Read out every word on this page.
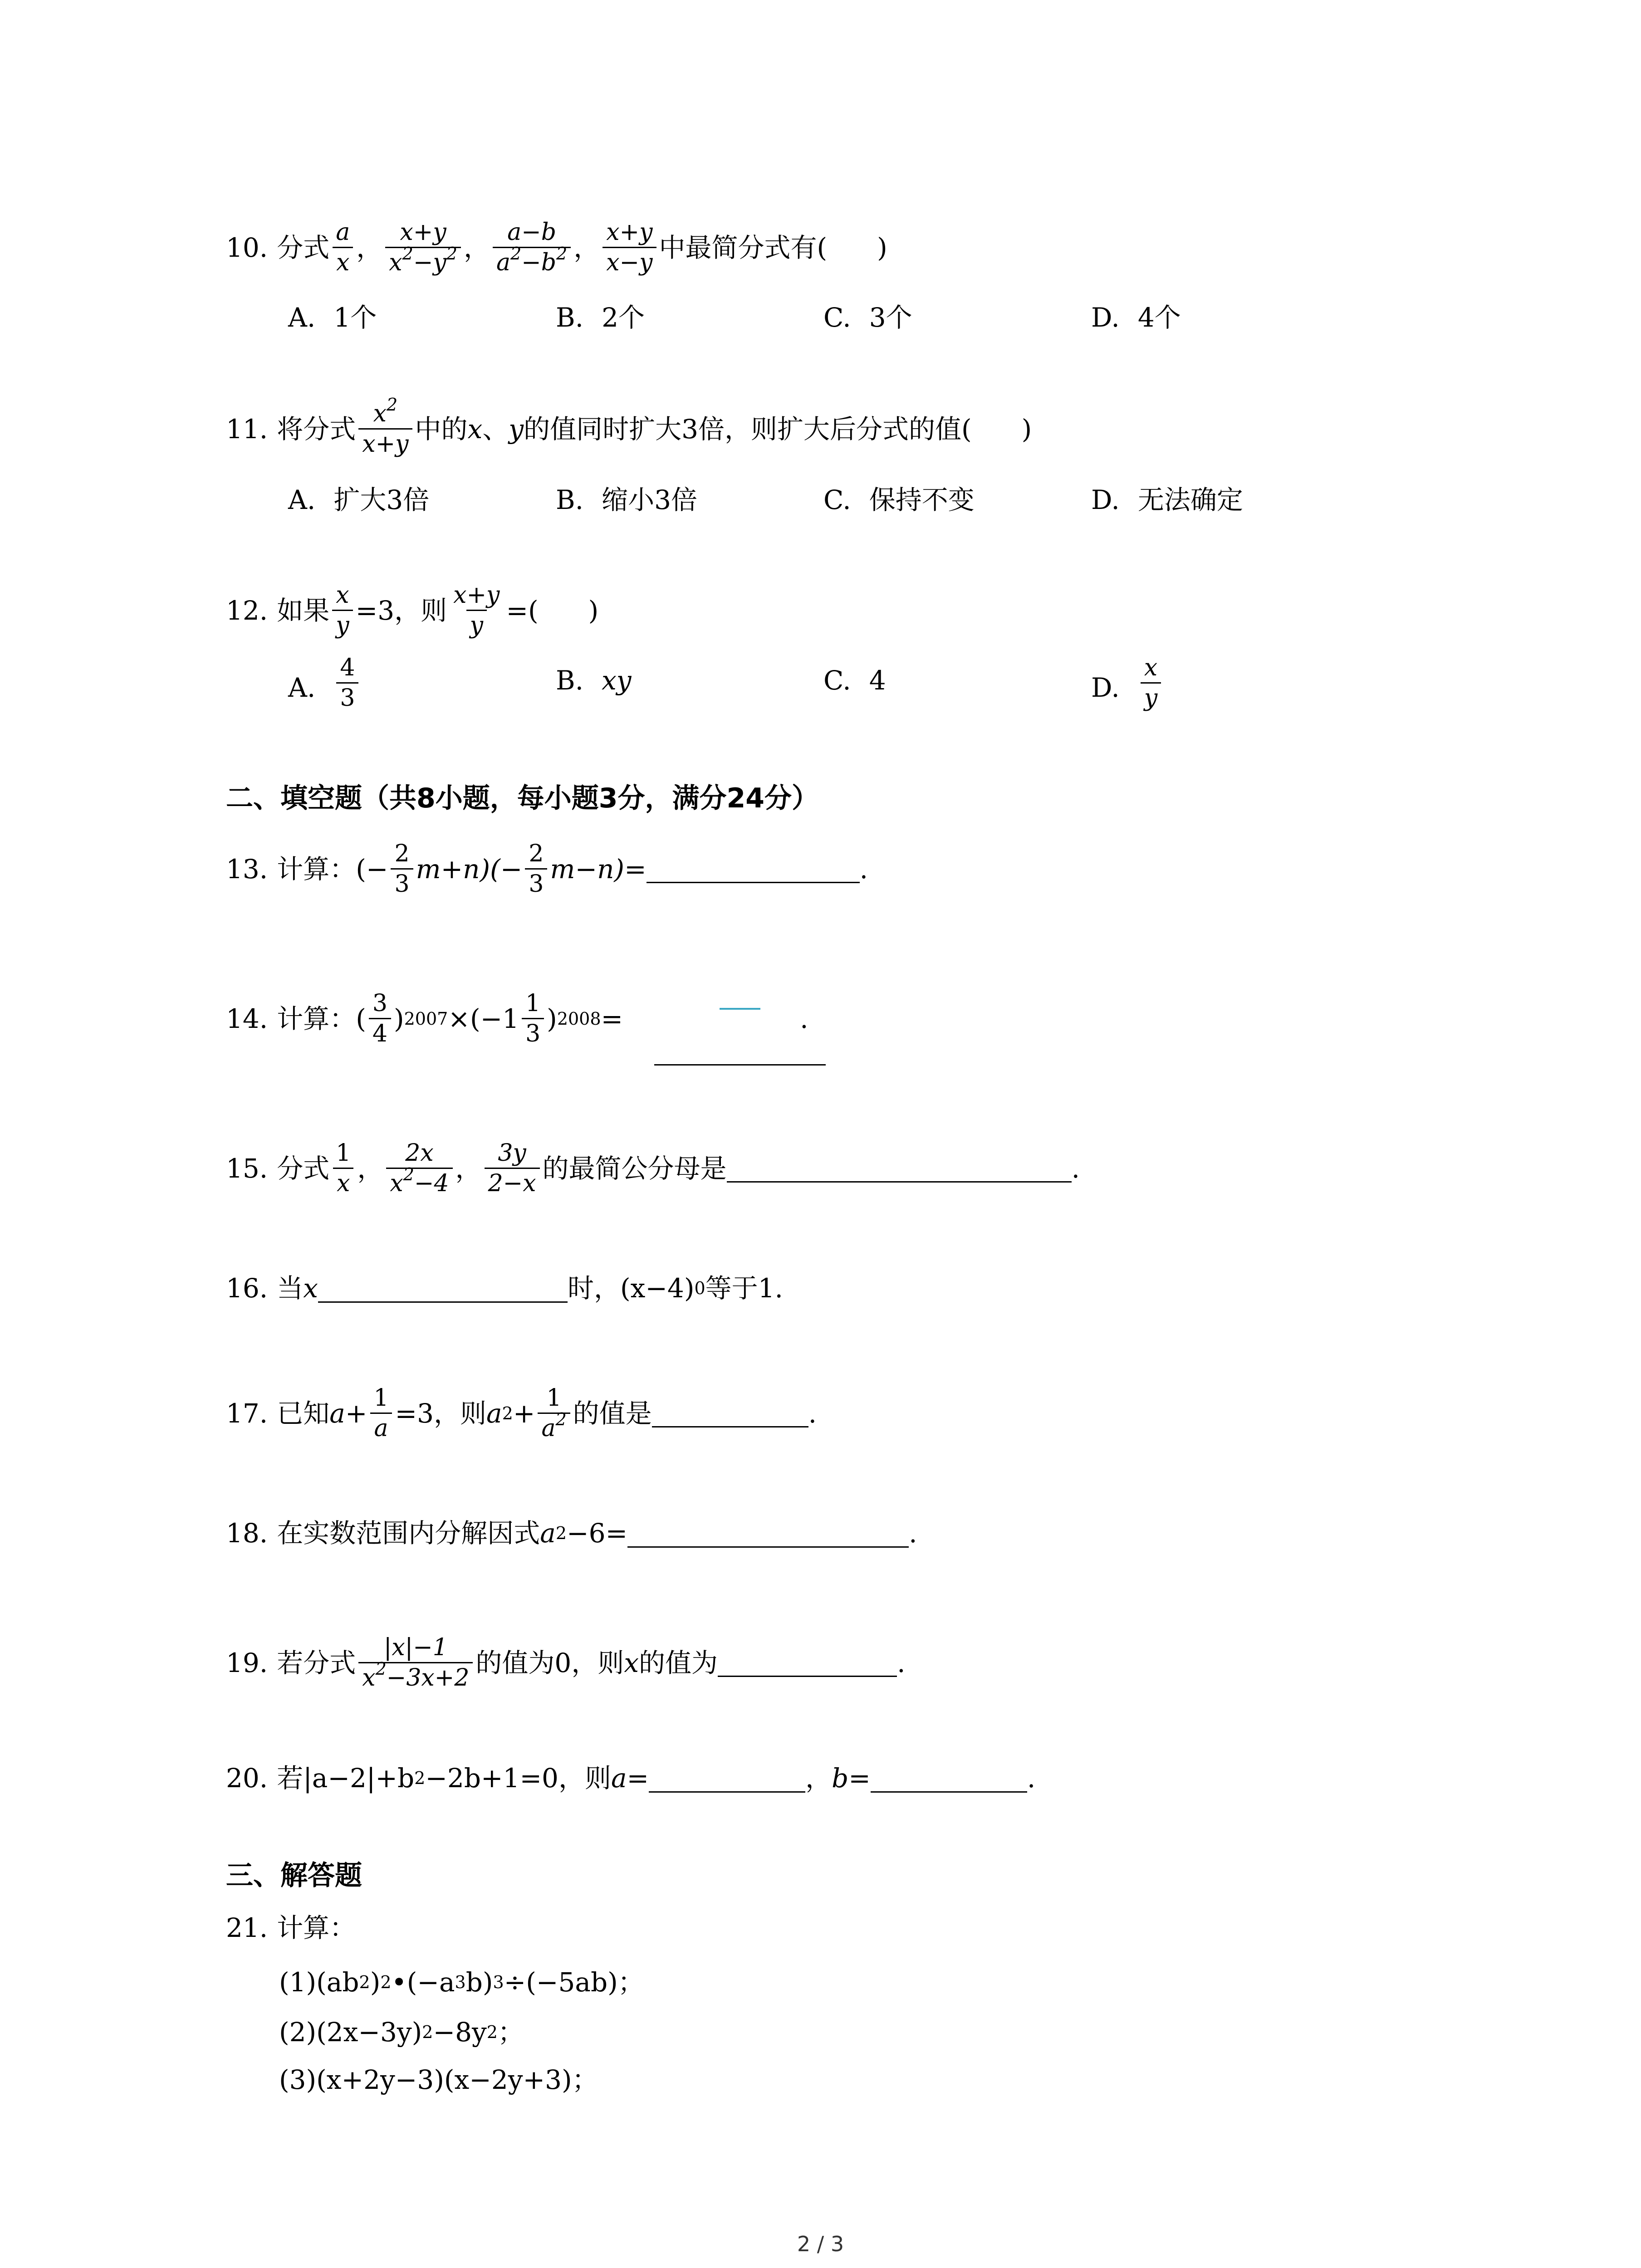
10. 分式 $\frac{a}{x}$ ， $\frac{x+y}{x^2-y^2}$ ， $\frac{a-b}{a^2-b^2}$ ， $\frac{x+y}{x-y}$ 中最简分式有( )
A. 1个	B. 2个	C. 3个	D. 4个
11. 将分式 $\frac{x^2}{x+y}$ 中的 x 、 y 的值同时扩大3倍，则扩大后分式的值( )
A. 扩大3倍	B. 缩小3倍	C. 保持不变	D. 无法确定
12. 如果 $\frac{x}{y} =3$，则 $\frac{x+y}{y}$ =( )
A. $\frac{4}{3}$	B. xy	C. 4	D. $\frac{x}{y}$
二、填空题（共8小题，每小题3分，满分24分）
13. 计算：(− $\frac{2}{3} m+n)(- \frac{2}{3} m-n)=$	.
14. 计算：( $\frac{3}{4}$ ) $2007 \times(-1 \frac{1}{3}$ ) 2008 =	.
15. 分式 $\frac{1}{x}$ ， $\frac{2x}{x^2-4}$ ， $\frac{3y}{2-x}$ 的最简公分母是	.
16. 当 x	时，(x−4) 0 等于1.
17. 已知 $a+ \frac{1}{a} =3$，则 a $2 + \frac{1}{a^2}$ 的值是	.
18. 在实数范围内分解因式 a 2 −6=	.
19. 若分式 $\frac{|x|-1}{x^2-3x+2}$ 的值为0，则 x 的值为	.
20. 若|a−2|+b 2 −2b+1=0，则 a=	， b=	.
三、解答题
21. 计算：
(1)(ab 2 ) 2 •(−a 3 b) 3 ÷(−5ab)；
(2)(2x−3y) 2 −8y 2 ；
(3)(x+2y−3)(x−2y+3)；
2 / 3
